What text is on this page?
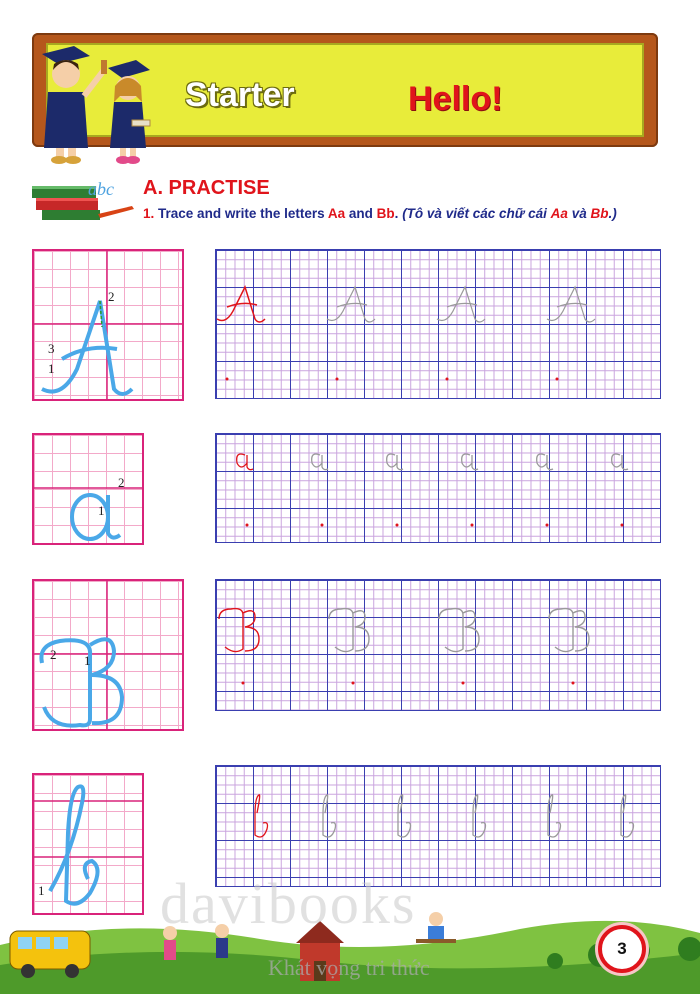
Starter	Hello!
abc A. PRACTISE
1. Trace and write the letters Aa and Bb. (Tô và viết các chữ cái Aa và Bb.)
2
3
1
2
1
2 1
1 davibooks
Khát vọng tri thức
3
